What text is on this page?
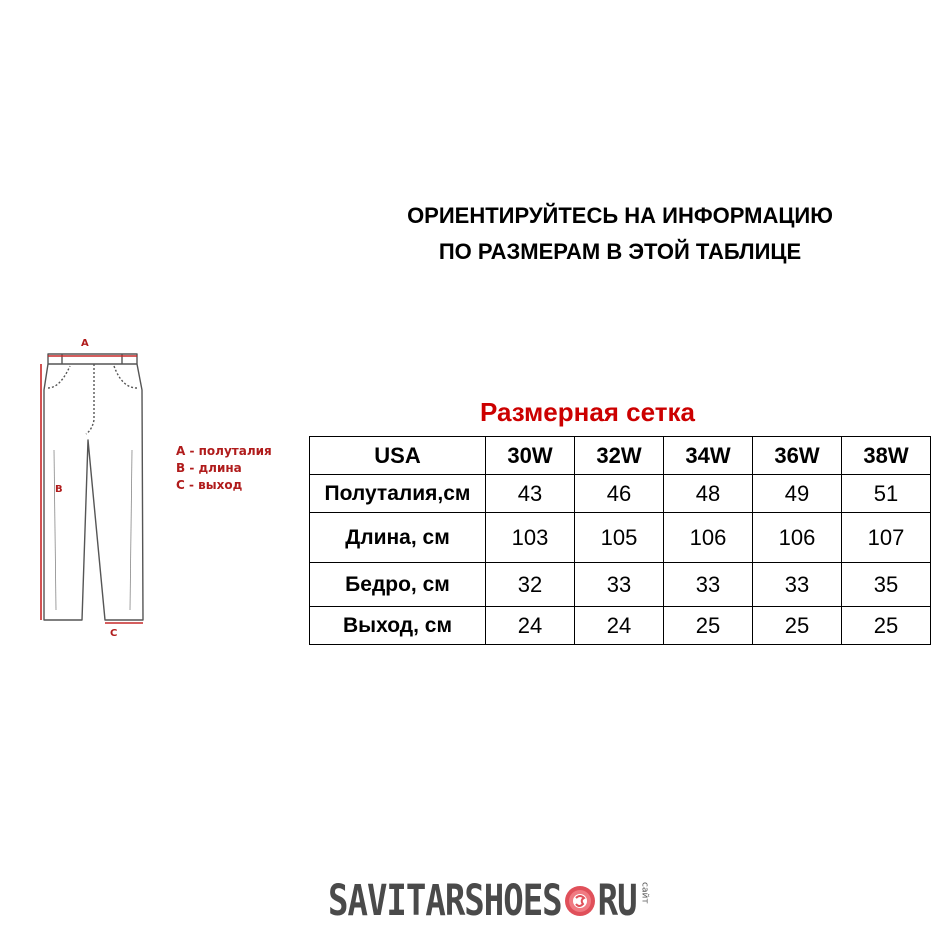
ОРИЕНТИРУЙТЕСЬ НА ИНФОРМАЦИЮ
ПО РАЗМЕРАМ В ЭТОЙ ТАБЛИЦЕ
A
B
C
A - полуталия
B - длина
C - выход
Размерная сетка
USA	30W	32W	34W	36W	38W
Полуталия,см	43	46	48	49	51
Длина, см	103	105	106	106	107
Бедро, см	32	33	33	33	35
Выход, см	24	24	25	25	25
SAVITARSHOES RU сайт
